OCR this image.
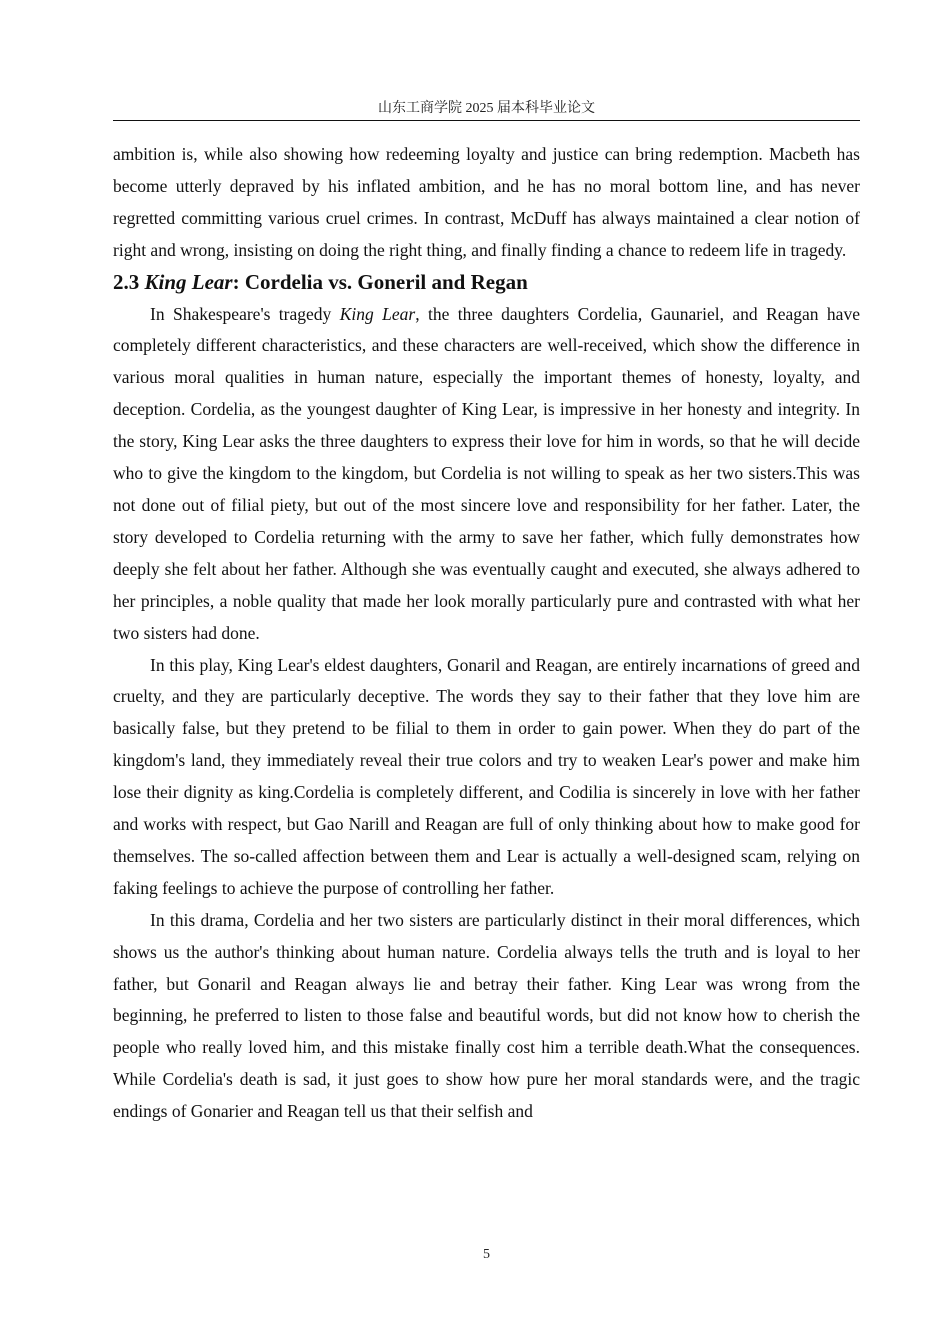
山东工商学院 2025 届本科毕业论文

ambition is, while also showing how redeeming loyalty and justice can bring redemption. Macbeth has become utterly depraved by his inflated ambition, and he has no moral bottom line, and has never regretted committing various cruel crimes. In contrast, McDuff has always maintained a clear notion of right and wrong, insisting on doing the right thing, and finally finding a chance to redeem life in tragedy.

2.3 King Lear: Cordelia vs. Goneril and Regan

In Shakespeare's tragedy King Lear, the three daughters Cordelia, Gaunariel, and Reagan have completely different characteristics, and these characters are well-received, which show the difference in various moral qualities in human nature, especially the important themes of honesty, loyalty, and deception. Cordelia, as the youngest daughter of King Lear, is impressive in her honesty and integrity. In the story, King Lear asks the three daughters to express their love for him in words, so that he will decide who to give the kingdom to the kingdom, but Cordelia is not willing to speak as her two sisters.This was not done out of filial piety, but out of the most sincere love and responsibility for her father. Later, the story developed to Cordelia returning with the army to save her father, which fully demonstrates how deeply she felt about her father. Although she was eventually caught and executed, she always adhered to her principles, a noble quality that made her look morally particularly pure and contrasted with what her two sisters had done.

In this play, King Lear's eldest daughters, Gonaril and Reagan, are entirely incarnations of greed and cruelty, and they are particularly deceptive. The words they say to their father that they love him are basically false, but they pretend to be filial to them in order to gain power. When they do part of the kingdom's land, they immediately reveal their true colors and try to weaken Lear's power and make him lose their dignity as king.Cordelia is completely different, and Codilia is sincerely in love with her father and works with respect, but Gao Narill and Reagan are full of only thinking about how to make good for themselves. The so-called affection between them and Lear is actually a well-designed scam, relying on faking feelings to achieve the purpose of controlling her father.

In this drama, Cordelia and her two sisters are particularly distinct in their moral differences, which shows us the author's thinking about human nature. Cordelia always tells the truth and is loyal to her father, but Gonaril and Reagan always lie and betray their father. King Lear was wrong from the beginning, he preferred to listen to those false and beautiful words, but did not know how to cherish the people who really loved him, and this mistake finally cost him a terrible death.What the consequences. While Cordelia's death is sad, it just goes to show how pure her moral standards were, and the tragic endings of Gonarier and Reagan tell us that their selfish and

5
